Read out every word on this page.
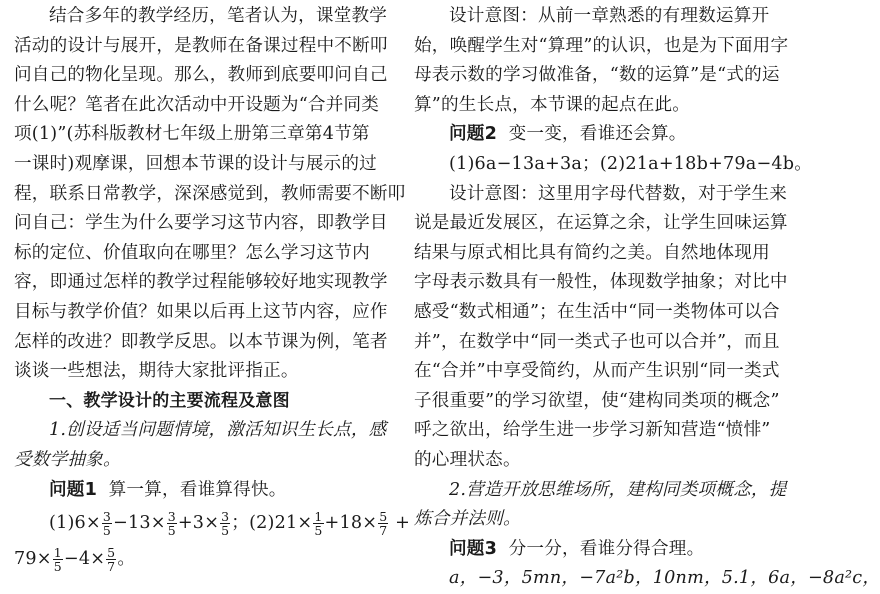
结合多年的教学经历，笔者认为，课堂教学
活动的设计与展开，是教师在备课过程中不断叩
问自己的物化呈现。那么，教师到底要叩问自己
什么呢？笔者在此次活动中开设题为“合并同类
项(1)”(苏科版教材七年级上册第三章第4节第
一课时)观摩课，回想本节课的设计与展示的过
程，联系日常教学，深深感觉到，教师需要不断叩
问自己：学生为什么要学习这节内容，即教学目
标的定位、价值取向在哪里？怎么学习这节内
容，即通过怎样的教学过程能够较好地实现教学
目标与教学价值？如果以后再上这节内容，应作
怎样的改进？即教学反思。以本节课为例，笔者
谈谈一些想法，期待大家批评指正。
一、教学设计的主要流程及意图
1.创设适当问题情境，激活知识生长点，感
受数学抽象。
问题1 算一算，看谁算得快。
$(1)6\times \frac{3}{5} -13\times \frac{3}{5} +3\times \frac{3}{5}$ ；$(2)21\times \frac{1}{5} +18\times \frac{5}{7}$ +
$79\times \frac{1}{5} -4\times \frac{5}{7}$ 。
设计意图：从前一章熟悉的有理数运算开
始，唤醒学生对“算理”的认识，也是为下面用字
母表示数的学习做准备，“数的运算”是“式的运
算”的生长点，本节课的起点在此。
问题2 变一变，看谁还会算。
(1)6a−13a+3a；(2)21a+18b+79a−4b。
设计意图：这里用字母代替数，对于学生来
说是最近发展区，在运算之余，让学生回味运算
结果与原式相比具有简约之美。自然地体现用
字母表示数具有一般性，体现数学抽象；对比中
感受“数式相通”；在生活中“同一类物体可以合
并”，在数学中“同一类式子也可以合并”，而且
在“合并”中享受简约，从而产生识别“同一类式
子很重要”的学习欲望，使“建构同类项的概念”
呼之欲出，给学生进一步学习新知营造“愤悱”
的心理状态。
2.营造开放思维场所，建构同类项概念，提
炼合并法则。
问题3 分一分，看谁分得合理。
a，−3，5mn，−7a²b，10nm，5.1，6a，−8a²c，
